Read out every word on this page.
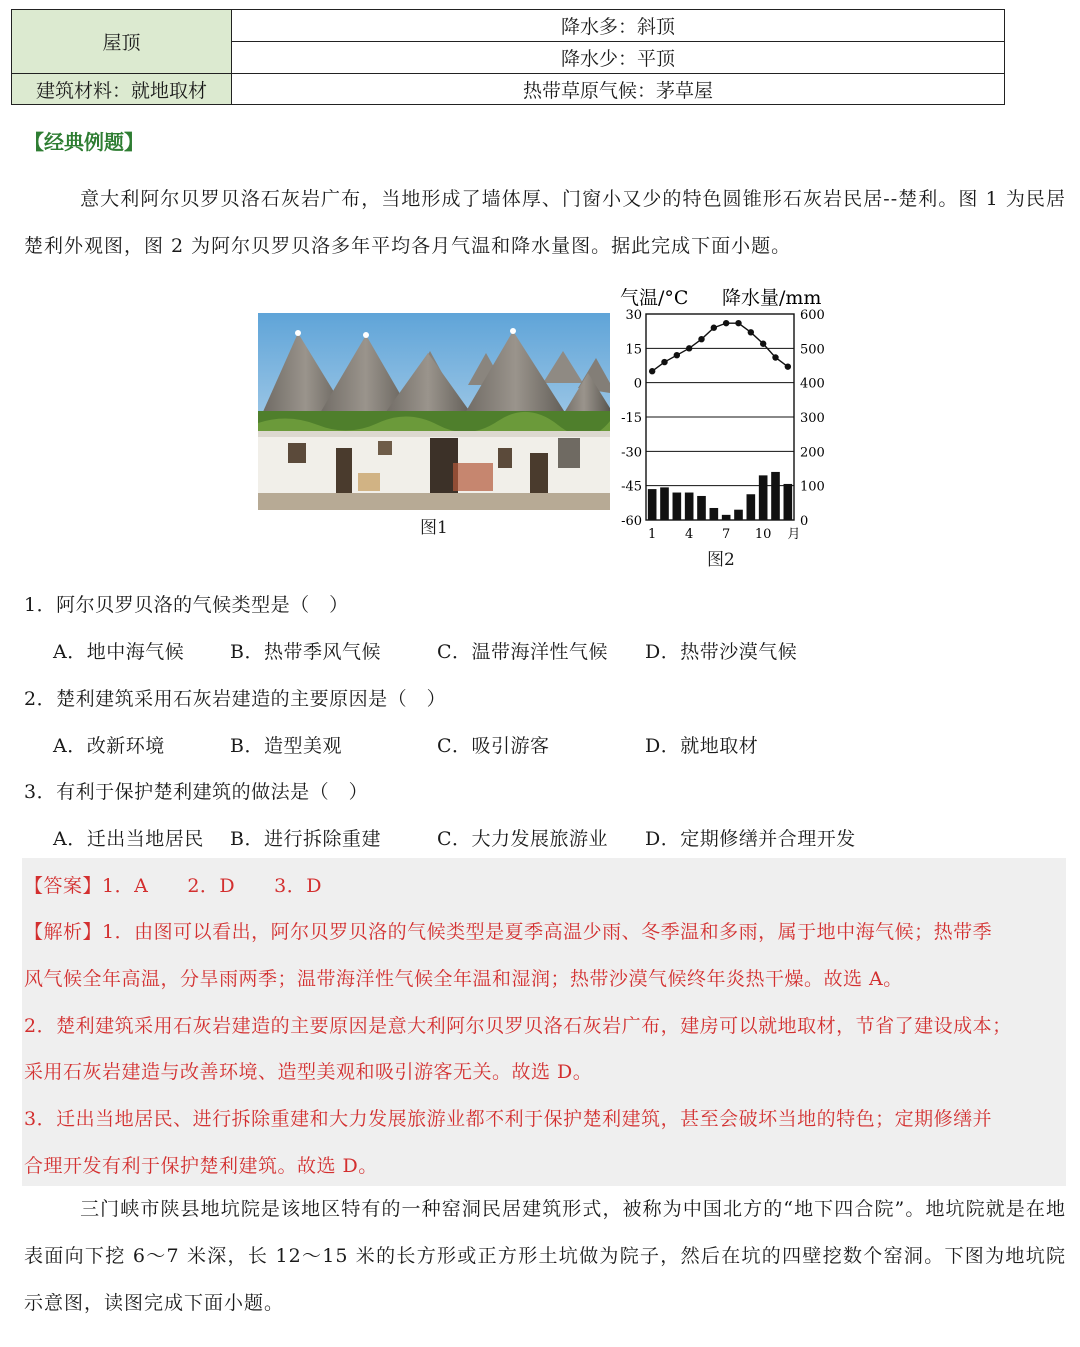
屋顶	降水多：斜顶
	降水少：平顶
建筑材料：就地取材	热带草原气候：茅草屋
【经典例题】

意大利阿尔贝罗贝洛石灰岩广布，当地形成了墙体厚、门窗小又少的特色圆锥形石灰岩民居--楚利。图 1 为民居楚利外观图，图 2 为阿尔贝罗贝洛多年平均各月气温和降水量图。据此完成下面小题。

图1
气温/°C 降水量/mm
30
15
0
-15
-30
-45
-60
600
500
400
300
200
100
0
1 4 7 10 月
图2
1．阿尔贝罗贝洛的气候类型是（　）
A．地中海气候 B．热带季风气候	C．温带海洋性气候 D．热带沙漠气候
2．楚利建筑采用石灰岩建造的主要原因是（　）
A．改新环境	B．造型美观	C．吸引游客	D．就地取材
3．有利于保护楚利建筑的做法是（　）
A．迁出当地居民 B．进行拆除重建	C．大力发展旅游业 D．定期修缮并合理开发
【答案】1．A　　2．D　　3．D
【解析】1．由图可以看出，阿尔贝罗贝洛的气候类型是夏季高温少雨、冬季温和多雨，属于地中海气候；热带季
风气候全年高温，分旱雨两季；温带海洋性气候全年温和湿润；热带沙漠气候终年炎热干燥。故选 A。
2．楚利建筑采用石灰岩建造的主要原因是意大利阿尔贝罗贝洛石灰岩广布，建房可以就地取材，节省了建设成本；
采用石灰岩建造与改善环境、造型美观和吸引游客无关。故选 D。
3．迁出当地居民、进行拆除重建和大力发展旅游业都不利于保护楚利建筑，甚至会破坏当地的特色；定期修缮并
合理开发有利于保护楚利建筑。故选 D。

三门峡市陕县地坑院是该地区特有的一种窑洞民居建筑形式，被称为中国北方的“地下四合院”。地坑院就是在地表面向下挖 6～7 米深，长 12～15 米的长方形或正方形土坑做为院子，然后在坑的四壁挖数个窑洞。下图为地坑院示意图，读图完成下面小题。
